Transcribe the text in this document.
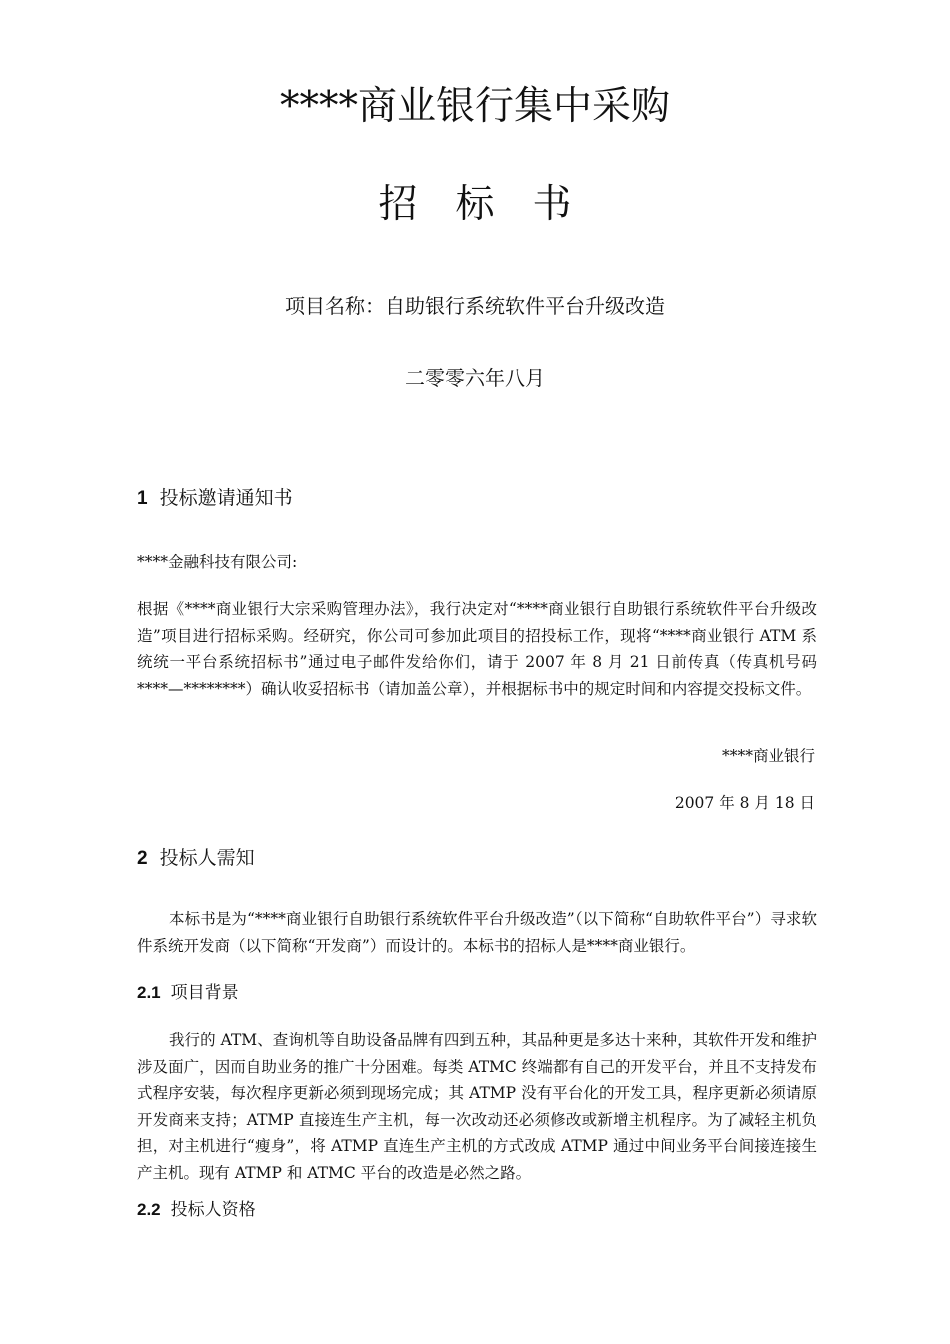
****商业银行集中采购
招标书
项目名称：自助银行系统软件平台升级改造
二零零六年八月
1 投标邀请通知书
****金融科技有限公司:
根据《****商业银行大宗采购管理办法》，我行决定对“****商业银行自助银行系统软件平台升级改造”项目进行招标采购。经研究，你公司可参加此项目的招投标工作，现将“****商业银行 ATM 系统统一平台系统招标书”通过电子邮件发给你们，请于 2007 年 8 月 21 日前传真（传真机号码****—********）确认收妥招标书（请加盖公章），并根据标书中的规定时间和内容提交投标文件。
****商业银行
2007 年 8 月 18 日
2 投标人需知
本标书是为“****商业银行自助银行系统软件平台升级改造”（以下简称“自助软件平台”）寻求软件系统开发商（以下简称“开发商”）而设计的。本标书的招标人是****商业银行。
2.1 项目背景
我行的 ATM、查询机等自助设备品牌有四到五种，其品种更是多达十来种，其软件开发和维护涉及面广，因而自助业务的推广十分困难。每类 ATMC 终端都有自己的开发平台，并且不支持发布式程序安装，每次程序更新必须到现场完成；其 ATMP 没有平台化的开发工具，程序更新必须请原开发商来支持；ATMP 直接连生产主机，每一次改动还必须修改或新增主机程序。为了减轻主机负担，对主机进行“瘦身”，将 ATMP 直连生产主机的方式改成 ATMP 通过中间业务平台间接连接生产主机。现有 ATMP 和 ATMC 平台的改造是必然之路。
2.2 投标人资格
